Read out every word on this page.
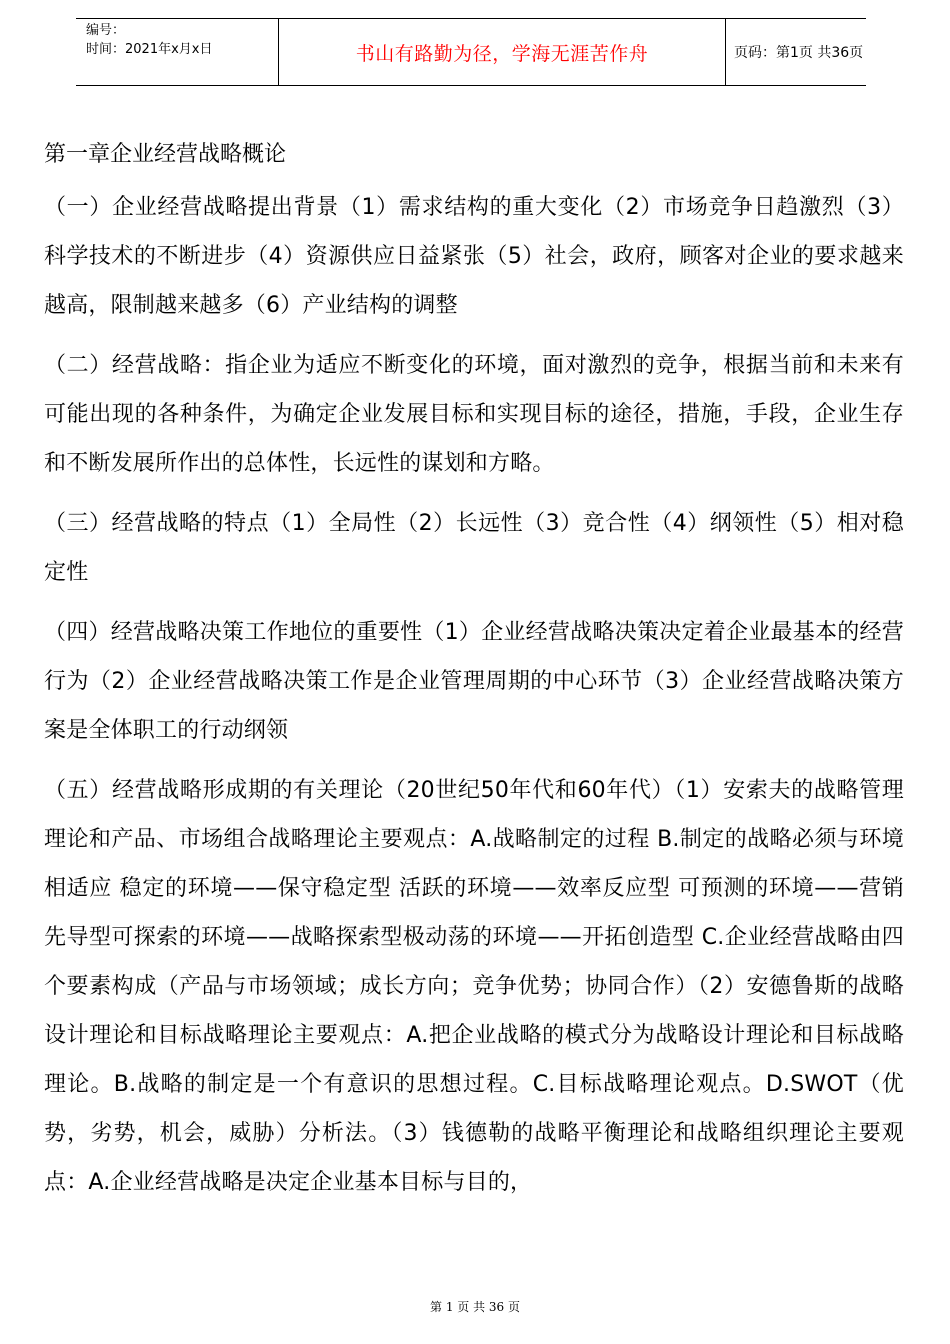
编号：
时间：2021年x月x日	书山有路勤为径，学海无涯苦作舟	页码：第1页 共36页
第一章企业经营战略概论

（一）企业经营战略提出背景（1）需求结构的重大变化（2）市场竞争日趋激烈（3）科学技术的不断进步（4）资源供应日益紧张（5）社会，政府，顾客对企业的要求越来越高，限制越来越多（6）产业结构的调整

（二）经营战略：指企业为适应不断变化的环境，面对激烈的竞争，根据当前和未来有可能出现的各种条件，为确定企业发展目标和实现目标的途径，措施，手段，企业生存和不断发展所作出的总体性，长远性的谋划和方略。

（三）经营战略的特点（1）全局性（2）长远性（3）竞合性（4）纲领性（5）相对稳定性

（四）经营战略决策工作地位的重要性（1）企业经营战略决策决定着企业最基本的经营行为（2）企业经营战略决策工作是企业管理周期的中心环节（3）企业经营战略决策方案是全体职工的行动纲领

（五）经营战略形成期的有关理论（20世纪50年代和60年代）（1）安索夫的战略管理理论和产品、市场组合战略理论主要观点：A.战略制定的过程 B.制定的战略必须与环境相适应 稳定的环境——保守稳定型 活跃的环境——效率反应型 可预测的环境——营销先导型可探索的环境——战略探索型极动荡的环境——开拓创造型 C.企业经营战略由四个要素构成（产品与市场领域；成长方向；竞争优势；协同合作）（2）安德鲁斯的战略设计理论和目标战略理论主要观点：A.把企业战略的模式分为战略设计理论和目标战略理论。B.战略的制定是一个有意识的思想过程。C.目标战略理论观点。D.SWOT（优势，劣势，机会，威胁）分析法。（3）钱德勒的战略平衡理论和战略组织理论主要观点：A.企业经营战略是决定企业基本目标与目的，

第 1 页 共 36 页
